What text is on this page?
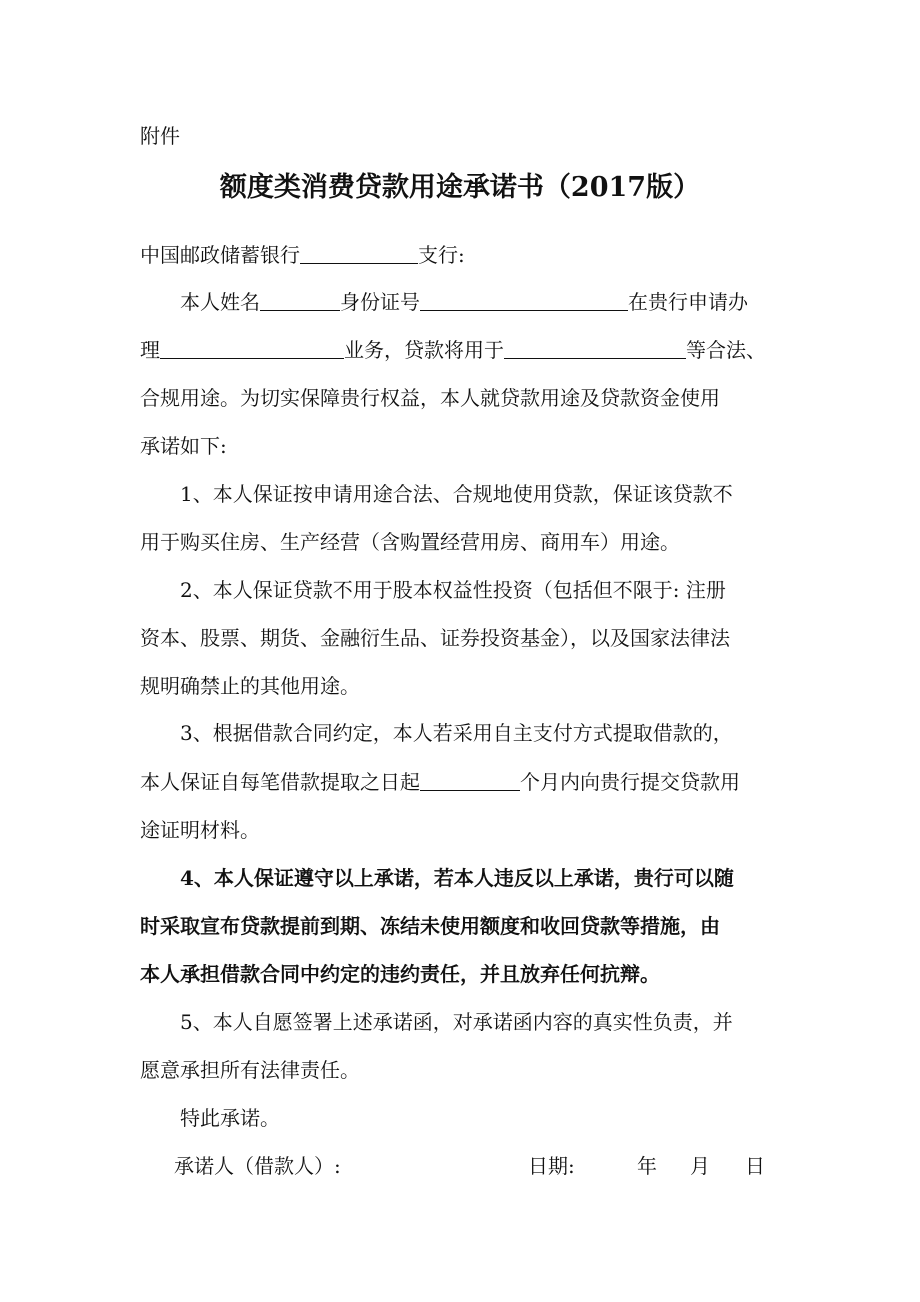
附件
额度类消费贷款用途承诺书（2017版）
中国邮政储蓄银行	支行:
本人姓名	身份证号	在贵行申请办
理	业务，贷款将用于	等合法、
合规用途。为切实保障贵行权益，本人就贷款用途及贷款资金使用
承诺如下:
1、本人保证按申请用途合法、合规地使用贷款，保证该贷款不
用于购买住房、生产经营（含购置经营用房、商用车）用途。
2、本人保证贷款不用于股本权益性投资（包括但不限于: 注册
资本、股票、期货、金融衍生品、证券投资基金），以及国家法律法
规明确禁止的其他用途。
3、根据借款合同约定，本人若采用自主支付方式提取借款的，
本人保证自每笔借款提取之日起	个月内向贵行提交贷款用
途证明材料。
4、本人保证遵守以上承诺，若本人违反以上承诺，贵行可以随
时采取宣布贷款提前到期、冻结未使用额度和收回贷款等措施，由
本人承担借款合同中约定的违约责任，并且放弃任何抗辩。
5、本人自愿签署上述承诺函，对承诺函内容的真实性负责，并
愿意承担所有法律责任。
特此承诺。
承诺人（借款人）:	日期:	年 月 日
